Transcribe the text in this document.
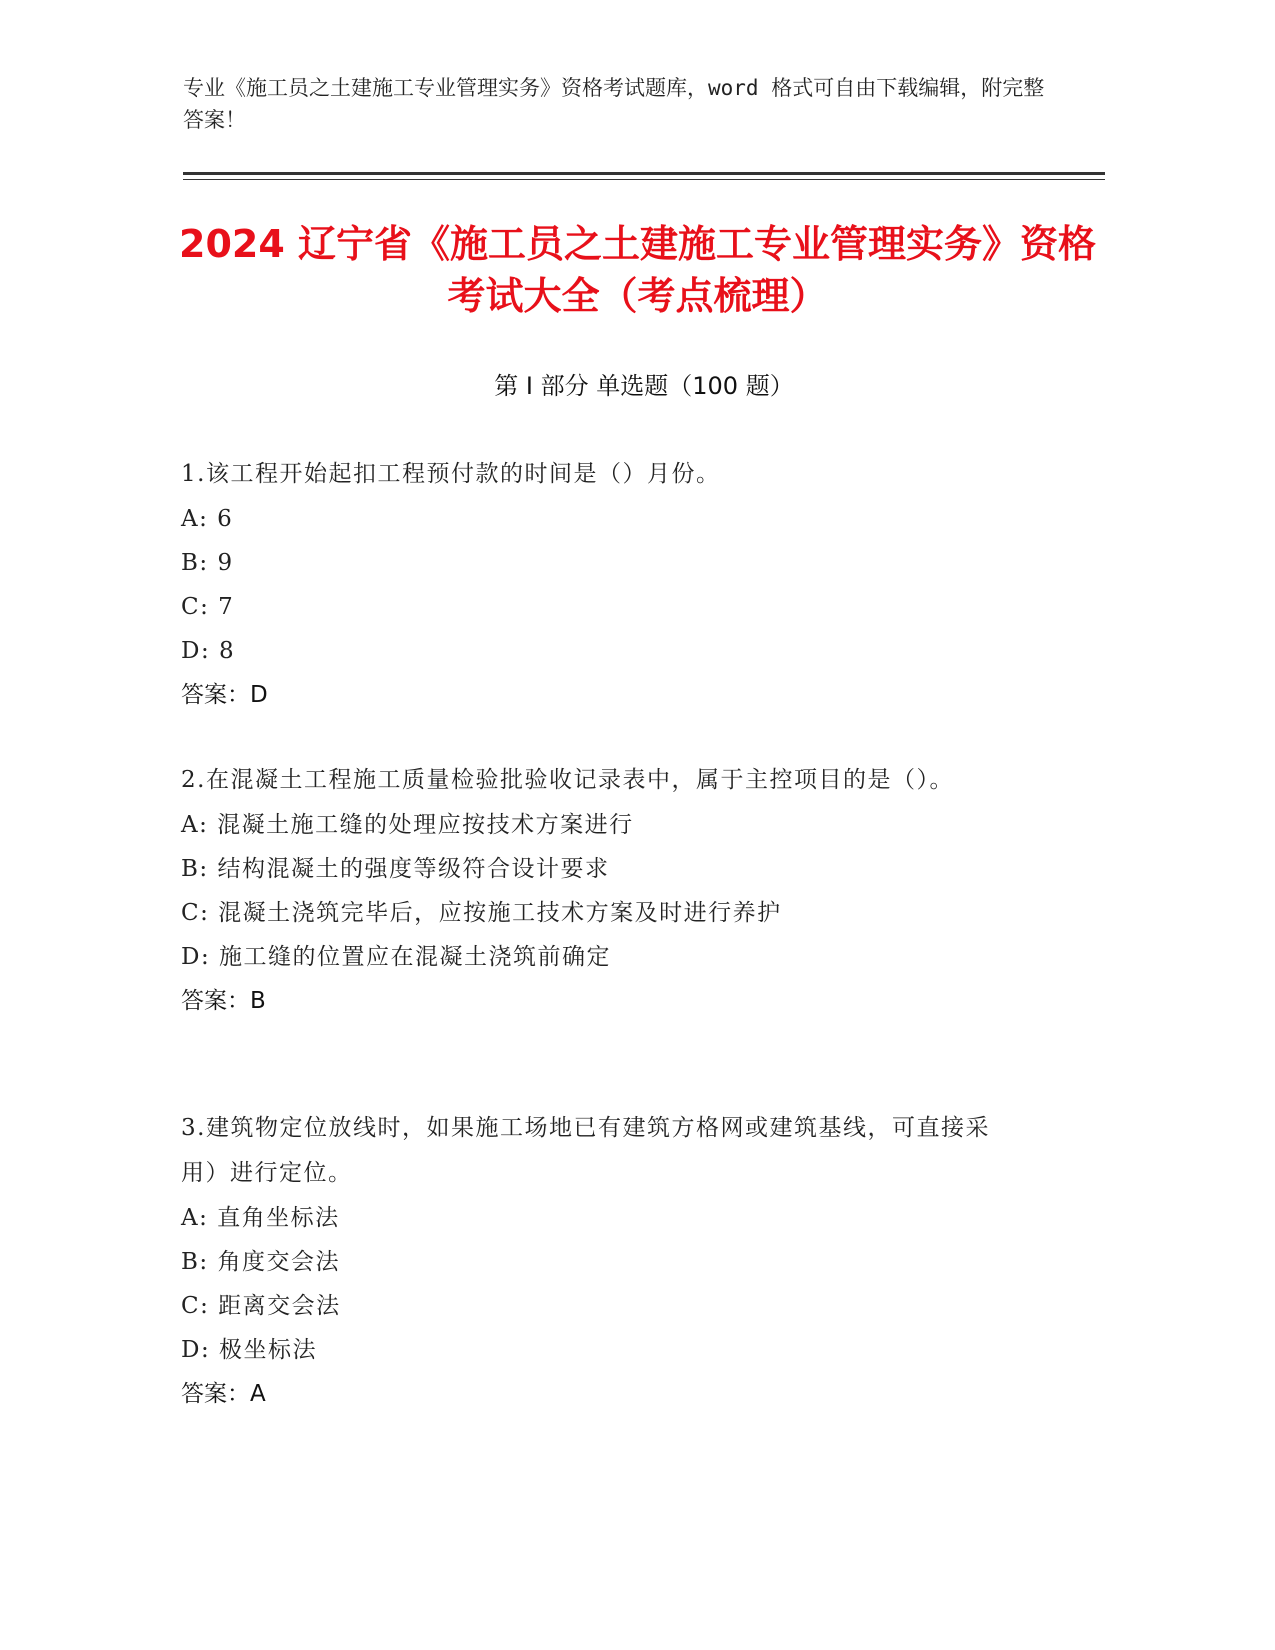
专业《施工员之土建施工专业管理实务》资格考试题库，word 格式可自由下载编辑，附完整答案！
2024 辽宁省《施工员之土建施工专业管理实务》资格考试大全（考点梳理）
第 I 部分 单选题（100 题）
1.该工程开始起扣工程预付款的时间是（）月份。
A: 6
B: 9
C: 7
D: 8
答案：D
2.在混凝土工程施工质量检验批验收记录表中，属于主控项目的是（）。
A: 混凝土施工缝的处理应按技术方案进行
B: 结构混凝土的强度等级符合设计要求
C: 混凝土浇筑完毕后，应按施工技术方案及时进行养护
D: 施工缝的位置应在混凝土浇筑前确定
答案：B
3.建筑物定位放线时，如果施工场地已有建筑方格网或建筑基线，可直接采用）进行定位。
A: 直角坐标法
B: 角度交会法
C: 距离交会法
D: 极坐标法
答案：A
